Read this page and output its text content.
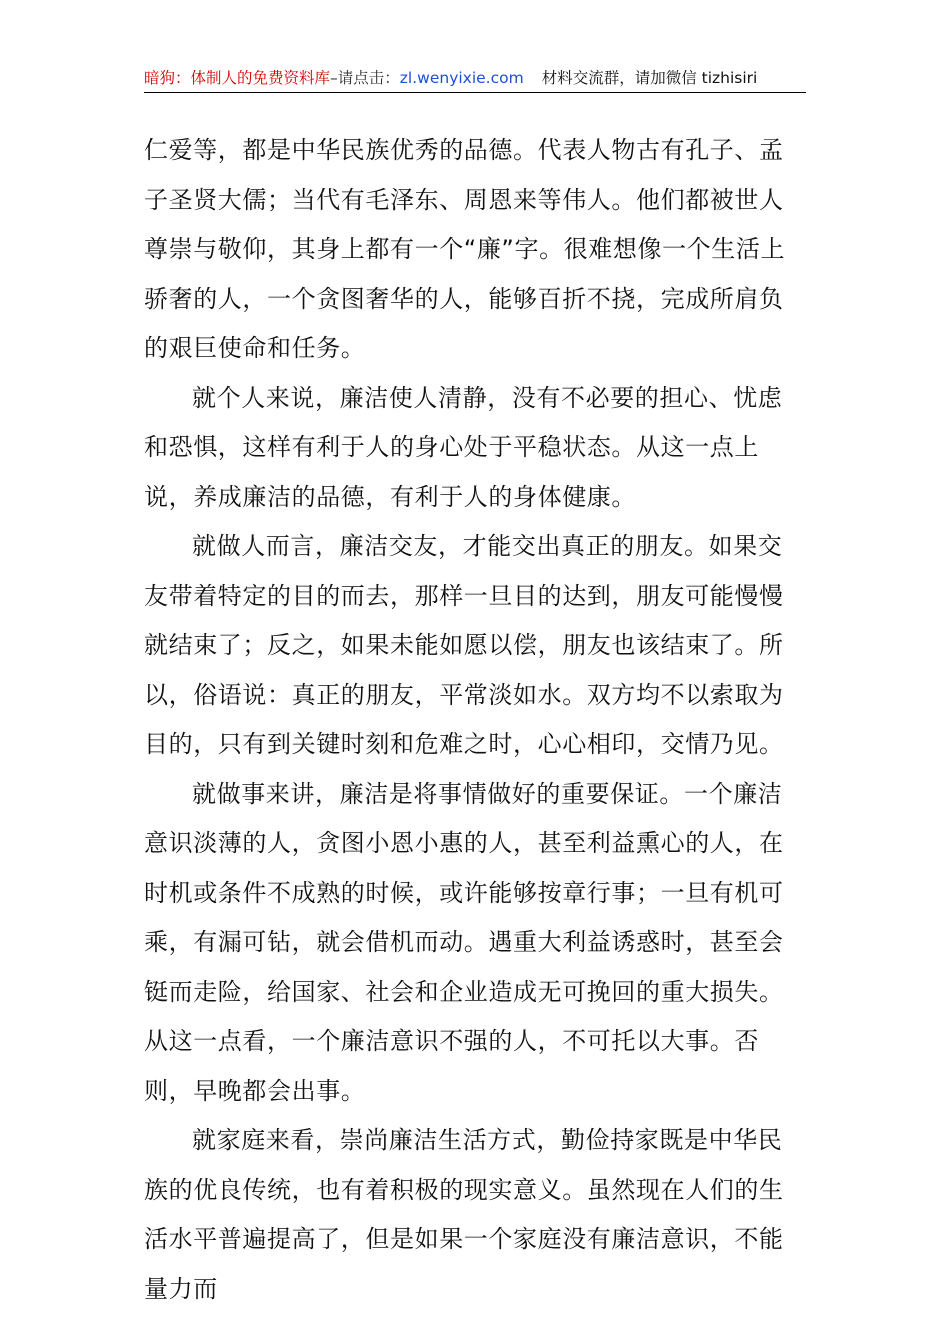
暗狗：体制人的免费资料库–请点击：zl.wenyixie.com 材料交流群，请加微信 tizhisiri

仁爱等，都是中华民族优秀的品德。代表人物古有孔子、孟子圣贤大儒；当代有毛泽东、周恩来等伟人。他们都被世人尊崇与敬仰，其身上都有一个“廉”字。很难想像一个生活上骄奢的人，一个贪图奢华的人，能够百折不挠，完成所肩负的艰巨使命和任务。

就个人来说，廉洁使人清静，没有不必要的担心、忧虑和恐惧，这样有利于人的身心处于平稳状态。从这一点上说，养成廉洁的品德，有利于人的身体健康。

就做人而言，廉洁交友，才能交出真正的朋友。如果交友带着特定的目的而去，那样一旦目的达到，朋友可能慢慢就结束了；反之，如果未能如愿以偿，朋友也该结束了。所以，俗语说：真正的朋友，平常淡如水。双方均不以索取为目的，只有到关键时刻和危难之时，心心相印，交情乃见。

就做事来讲，廉洁是将事情做好的重要保证。一个廉洁意识淡薄的人，贪图小恩小惠的人，甚至利益熏心的人，在时机或条件不成熟的时候，或许能够按章行事；一旦有机可乘，有漏可钻，就会借机而动。遇重大利益诱惑时，甚至会铤而走险，给国家、社会和企业造成无可挽回的重大损失。从这一点看，一个廉洁意识不强的人，不可托以大事。否则，早晚都会出事。

就家庭来看，崇尚廉洁生活方式，勤俭持家既是中华民族的优良传统，也有着积极的现实意义。虽然现在人们的生活水平普遍提高了，但是如果一个家庭没有廉洁意识，不能量力而
